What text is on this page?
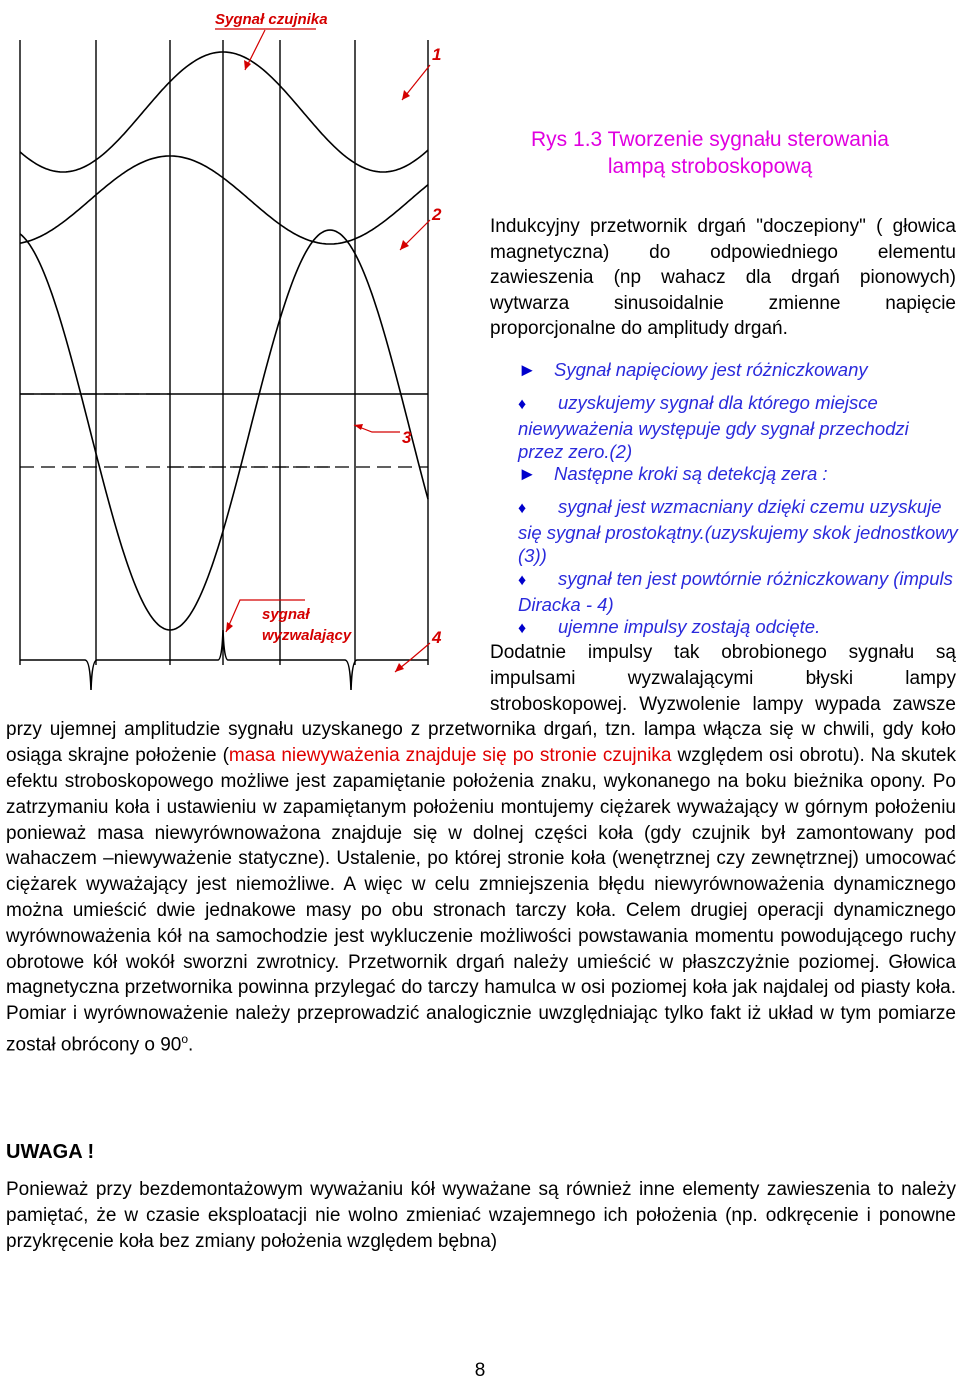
Sygnał czujnika
1
2
3
4
sygnał
wyzwalający
Rys 1.3 Tworzenie sygnału sterowania
lampą stroboskopową
Indukcyjny przetwornik drgań "doczepiony" ( głowica magnetyczna) do odpowiedniego elementu zawieszenia (np wahacz dla drgań pionowych) wytwarza sinusoidalnie zmienne napięcie proporcjonalne do amplitudy drgań.
► Sygnał napięciowy jest różniczkowany
♦ uzyskujemy sygnał dla którego miejsce niewyważenia występuje gdy sygnał przechodzi przez zero.(2)
► Następne kroki są detekcją zera :
♦ sygnał jest wzmacniany dzięki czemu uzyskuje się sygnał prostokątny.(uzyskujemy skok jednostkowy (3))
♦ sygnał ten jest powtórnie różniczkowany (impuls Diracka - 4)
♦ ujemne impulsy zostają odcięte.
Dodatnie impulsy tak obrobionego sygnału są
impulsami wyzwalającymi błyski lampy
stroboskopowej. Wyzwolenie lampy wypada zawsze przy ujemnej amplitudzie sygnału uzyskanego z przetwornika drgań, tzn. lampa włącza się w chwili, gdy koło osiąga skrajne położenie (masa niewyważenia znajduje się po stronie czujnika względem osi obrotu). Na skutek efektu stroboskopowego możliwe jest zapamiętanie położenia znaku, wykonanego na boku bieżnika opony. Po zatrzymaniu koła i ustawieniu w zapamiętanym położeniu montujemy ciężarek wyważający w górnym położeniu ponieważ masa niewyrównoważona znajduje się w dolnej części koła (gdy czujnik był zamontowany pod wahaczem –niewyważenie statyczne). Ustalenie, po której stronie koła (wenętrznej czy zewnętrznej) umocować ciężarek wyważający jest niemożliwe. A więc w celu zmniejszenia błędu niewyrównoważenia dynamicznego można umieścić dwie jednakowe masy po obu stronach tarczy koła. Celem drugiej operacji dynamicznego wyrównoważenia kół na samochodzie jest wykluczenie możliwości powstawania momentu powodującego ruchy obrotowe kół wokół sworzni zwrotnicy. Przetwornik drgań należy umieścić w płaszczyżnie poziomej. Głowica magnetyczna przetwornika powinna przylegać do tarczy hamulca w osi poziomej koła jak najdalej od piasty koła. Pomiar i wyrównoważenie należy przeprowadzić analogicznie uwzględniając tylko fakt iż układ w tym pomiarze został obrócony o 90$^o$.
UWAGA !
Ponieważ przy bezdemontażowym wyważaniu kół wyważane są również inne elementy zawieszenia to należy pamiętać, że w czasie eksploatacji nie wolno zmieniać wzajemnego ich położenia (np. odkręcenie i ponowne przykręcenie koła bez zmiany położenia względem bębna)
8
